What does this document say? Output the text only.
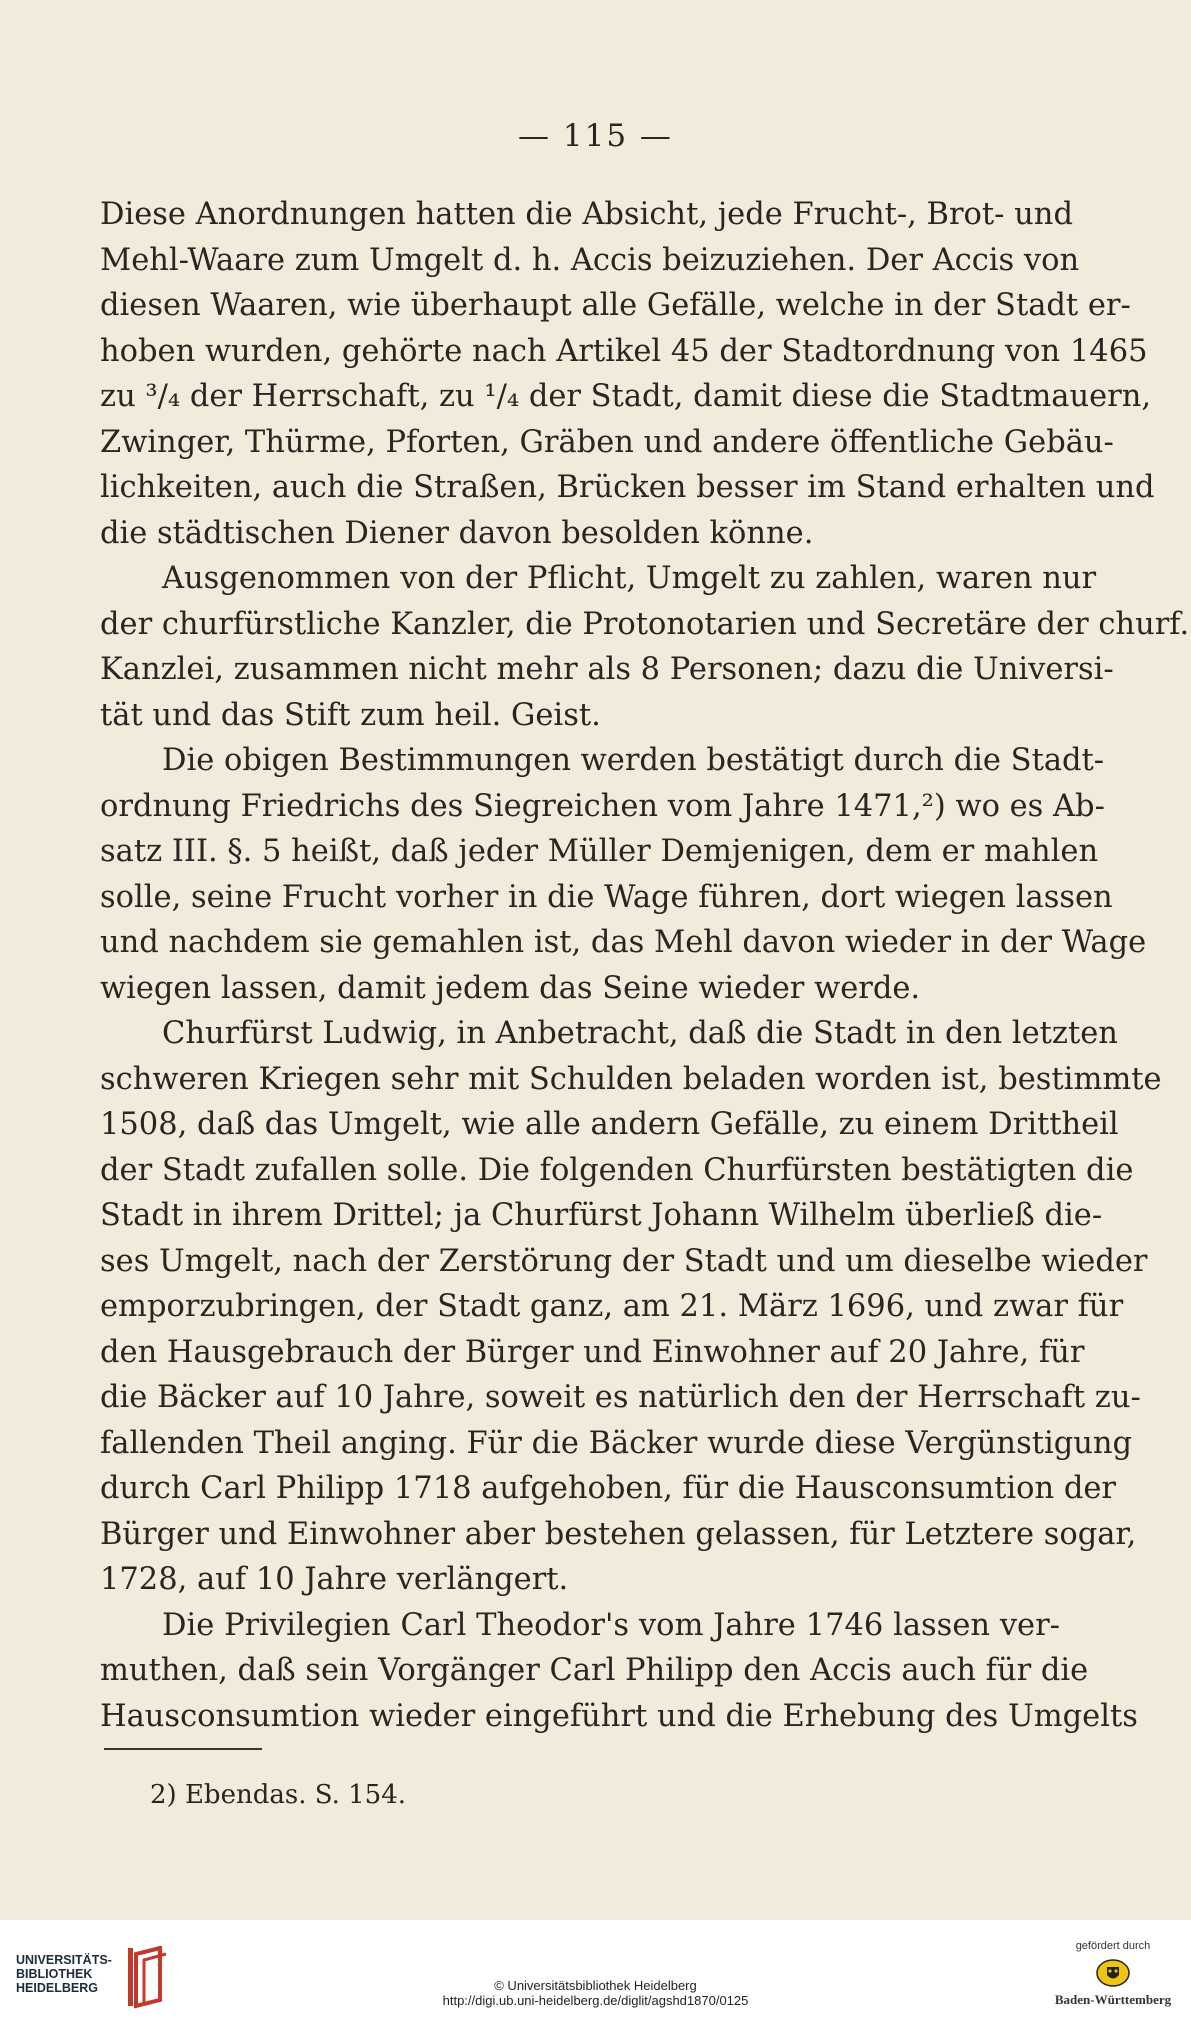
— 115 —
Diese Anordnungen hatten die Absicht, jede Frucht-, Brot- und
Mehl-Waare zum Umgelt d. h. Accis beizuziehen. Der Accis von
diesen Waaren, wie überhaupt alle Gefälle, welche in der Stadt er-
hoben wurden, gehörte nach Artikel 45 der Stadtordnung von 1465
zu ³/₄ der Herrschaft, zu ¹/₄ der Stadt, damit diese die Stadtmauern,
Zwinger, Thürme, Pforten, Gräben und andere öffentliche Gebäu-
lichkeiten, auch die Straßen, Brücken besser im Stand erhalten und
die städtischen Diener davon besolden könne.
Ausgenommen von der Pflicht, Umgelt zu zahlen, waren nur
der churfürstliche Kanzler, die Protonotarien und Secretäre der churf.
Kanzlei, zusammen nicht mehr als 8 Personen; dazu die Universi-
tät und das Stift zum heil. Geist.
Die obigen Bestimmungen werden bestätigt durch die Stadt-
ordnung Friedrichs des Siegreichen vom Jahre 1471,²) wo es Ab-
satz III. §. 5 heißt, daß jeder Müller Demjenigen, dem er mahlen
solle, seine Frucht vorher in die Wage führen, dort wiegen lassen
und nachdem sie gemahlen ist, das Mehl davon wieder in der Wage
wiegen lassen, damit jedem das Seine wieder werde.
Churfürst Ludwig, in Anbetracht, daß die Stadt in den letzten
schweren Kriegen sehr mit Schulden beladen worden ist, bestimmte
1508, daß das Umgelt, wie alle andern Gefälle, zu einem Drittheil
der Stadt zufallen solle. Die folgenden Churfürsten bestätigten die
Stadt in ihrem Drittel; ja Churfürst Johann Wilhelm überließ die-
ses Umgelt, nach der Zerstörung der Stadt und um dieselbe wieder
emporzubringen, der Stadt ganz, am 21. März 1696, und zwar für
den Hausgebrauch der Bürger und Einwohner auf 20 Jahre, für
die Bäcker auf 10 Jahre, soweit es natürlich den der Herrschaft zu-
fallenden Theil anging. Für die Bäcker wurde diese Vergünstigung
durch Carl Philipp 1718 aufgehoben, für die Hausconsumtion der
Bürger und Einwohner aber bestehen gelassen, für Letztere sogar,
1728, auf 10 Jahre verlängert.
Die Privilegien Carl Theodor's vom Jahre 1746 lassen ver-
muthen, daß sein Vorgänger Carl Philipp den Accis auch für die
Hausconsumtion wieder eingeführt und die Erhebung des Umgelts
2) Ebendas. S. 154.
UNIVERSITÄTS-
BIBLIOTHEK
HEIDELBERG	© Universitätsbibliothek Heidelberg
http://digi.ub.uni-heidelberg.de/diglit/agshd1870/0125
gefördert durch
Baden-Württemberg
